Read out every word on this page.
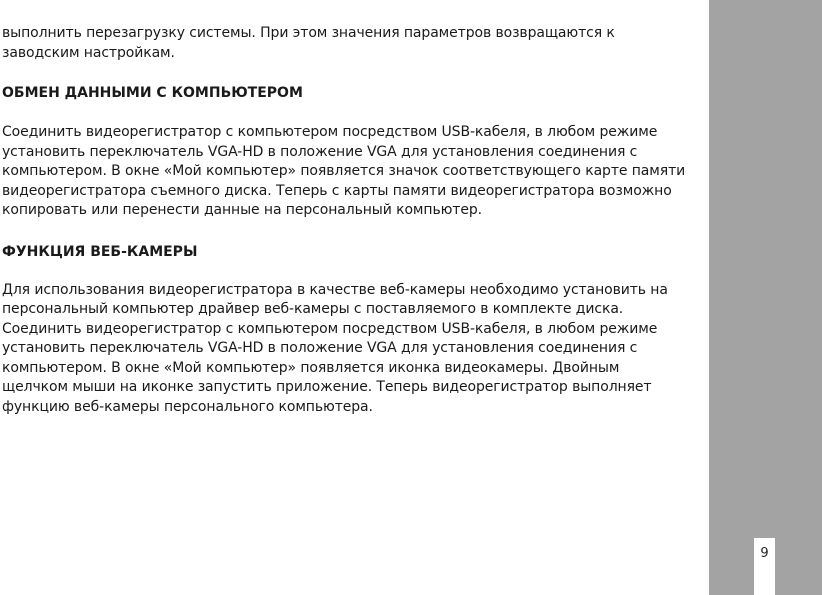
выполнить перезагрузку системы. При этом значения параметров возвращаются к
заводским настройкам.

ОБМЕН ДАННЫМИ С КОМПЬЮТЕРОМ

Соединить видеорегистратор с компьютером посредством USB-кабеля, в любом режиме
установить переключатель VGA-HD в положение VGA для установления соединения с
компьютером. В окне «Мой компьютер» появляется значок соответствующего карте памяти
видеорегистратора съемного диска. Теперь с карты памяти видеорегистратора возможно
копировать или перенести данные на персональный компьютер.

ФУНКЦИЯ ВЕБ-КАМЕРЫ

Для использования видеорегистратора в качестве веб-камеры необходимо установить на
персональный компьютер драйвер веб-камеры с поставляемого в комплекте диска.
Соединить видеорегистратор с компьютером посредством USB-кабеля, в любом режиме
установить переключатель VGA-HD в положение VGA для установления соединения с
компьютером. В окне «Мой компьютер» появляется иконка видеокамеры. Двойным
щелчком мыши на иконке запустить приложение. Теперь видеорегистратор выполняет
функцию веб-камеры персонального компьютера.

9
